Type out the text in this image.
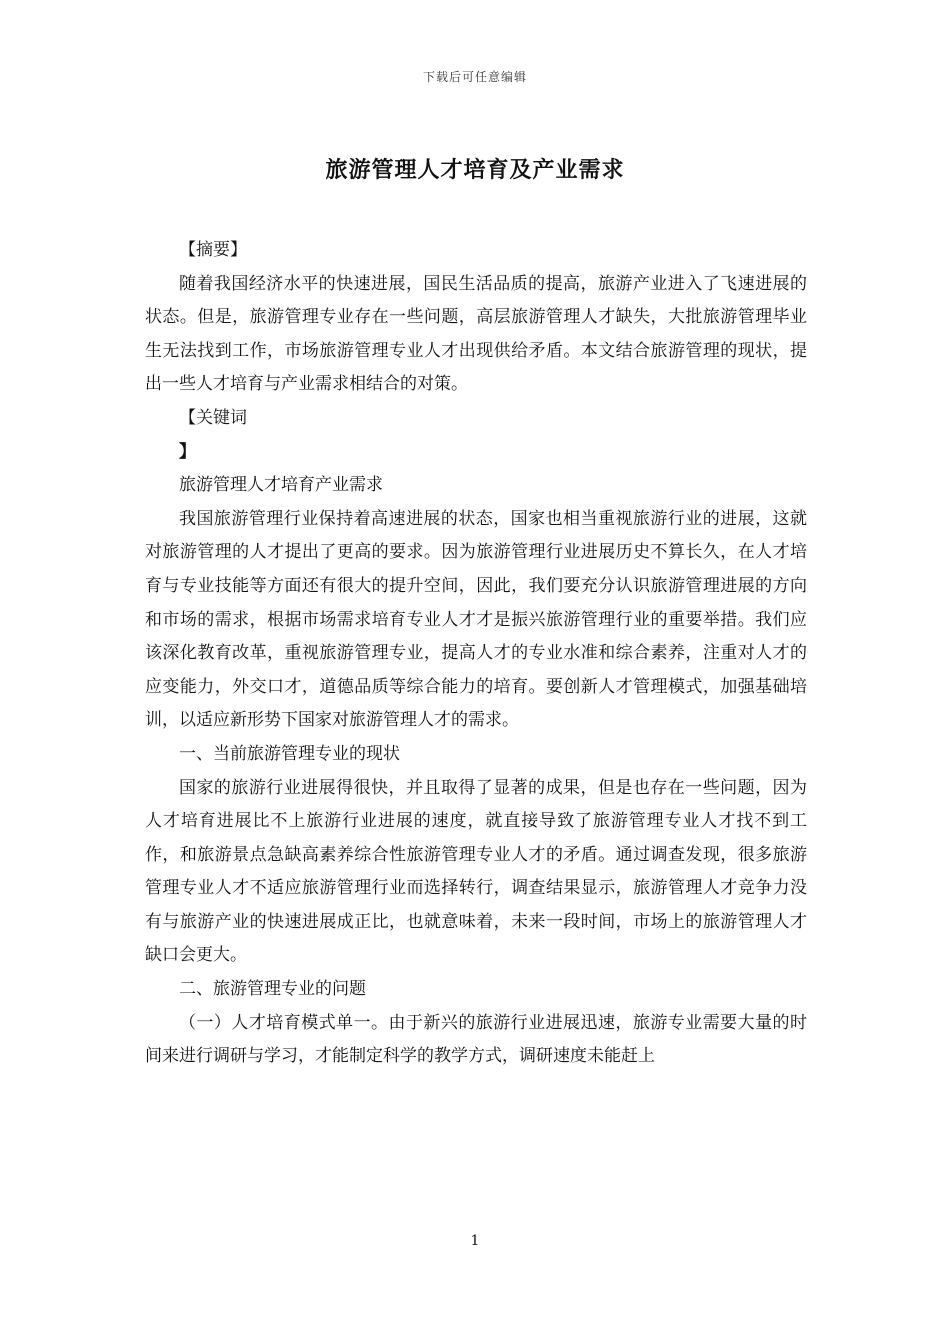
下载后可任意编辑
旅游管理人才培育及产业需求

【摘要】

随着我国经济水平的快速进展，国民生活品质的提高，旅游产业进入了飞速进展的状态。但是，旅游管理专业存在一些问题，高层旅游管理人才缺失，大批旅游管理毕业生无法找到工作，市场旅游管理专业人才出现供给矛盾。本文结合旅游管理的现状，提出一些人才培育与产业需求相结合的对策。

【关键词

】

旅游管理人才培育产业需求

我国旅游管理行业保持着高速进展的状态，国家也相当重视旅游行业的进展，这就对旅游管理的人才提出了更高的要求。因为旅游管理行业进展历史不算长久，在人才培育与专业技能等方面还有很大的提升空间，因此，我们要充分认识旅游管理进展的方向和市场的需求，根据市场需求培育专业人才才是振兴旅游管理行业的重要举措。我们应该深化教育改革，重视旅游管理专业，提高人才的专业水准和综合素养，注重对人才的应变能力，外交口才，道德品质等综合能力的培育。要创新人才管理模式，加强基础培训，以适应新形势下国家对旅游管理人才的需求。

一、当前旅游管理专业的现状

国家的旅游行业进展得很快，并且取得了显著的成果，但是也存在一些问题，因为人才培育进展比不上旅游行业进展的速度，就直接导致了旅游管理专业人才找不到工作，和旅游景点急缺高素养综合性旅游管理专业人才的矛盾。通过调查发现，很多旅游管理专业人才不适应旅游管理行业而选择转行，调查结果显示，旅游管理人才竞争力没有与旅游产业的快速进展成正比，也就意味着，未来一段时间，市场上的旅游管理人才缺口会更大。

二、旅游管理专业的问题

（一）人才培育模式单一。由于新兴的旅游行业进展迅速，旅游专业需要大量的时间来进行调研与学习，才能制定科学的教学方式，调研速度未能赶上

1
